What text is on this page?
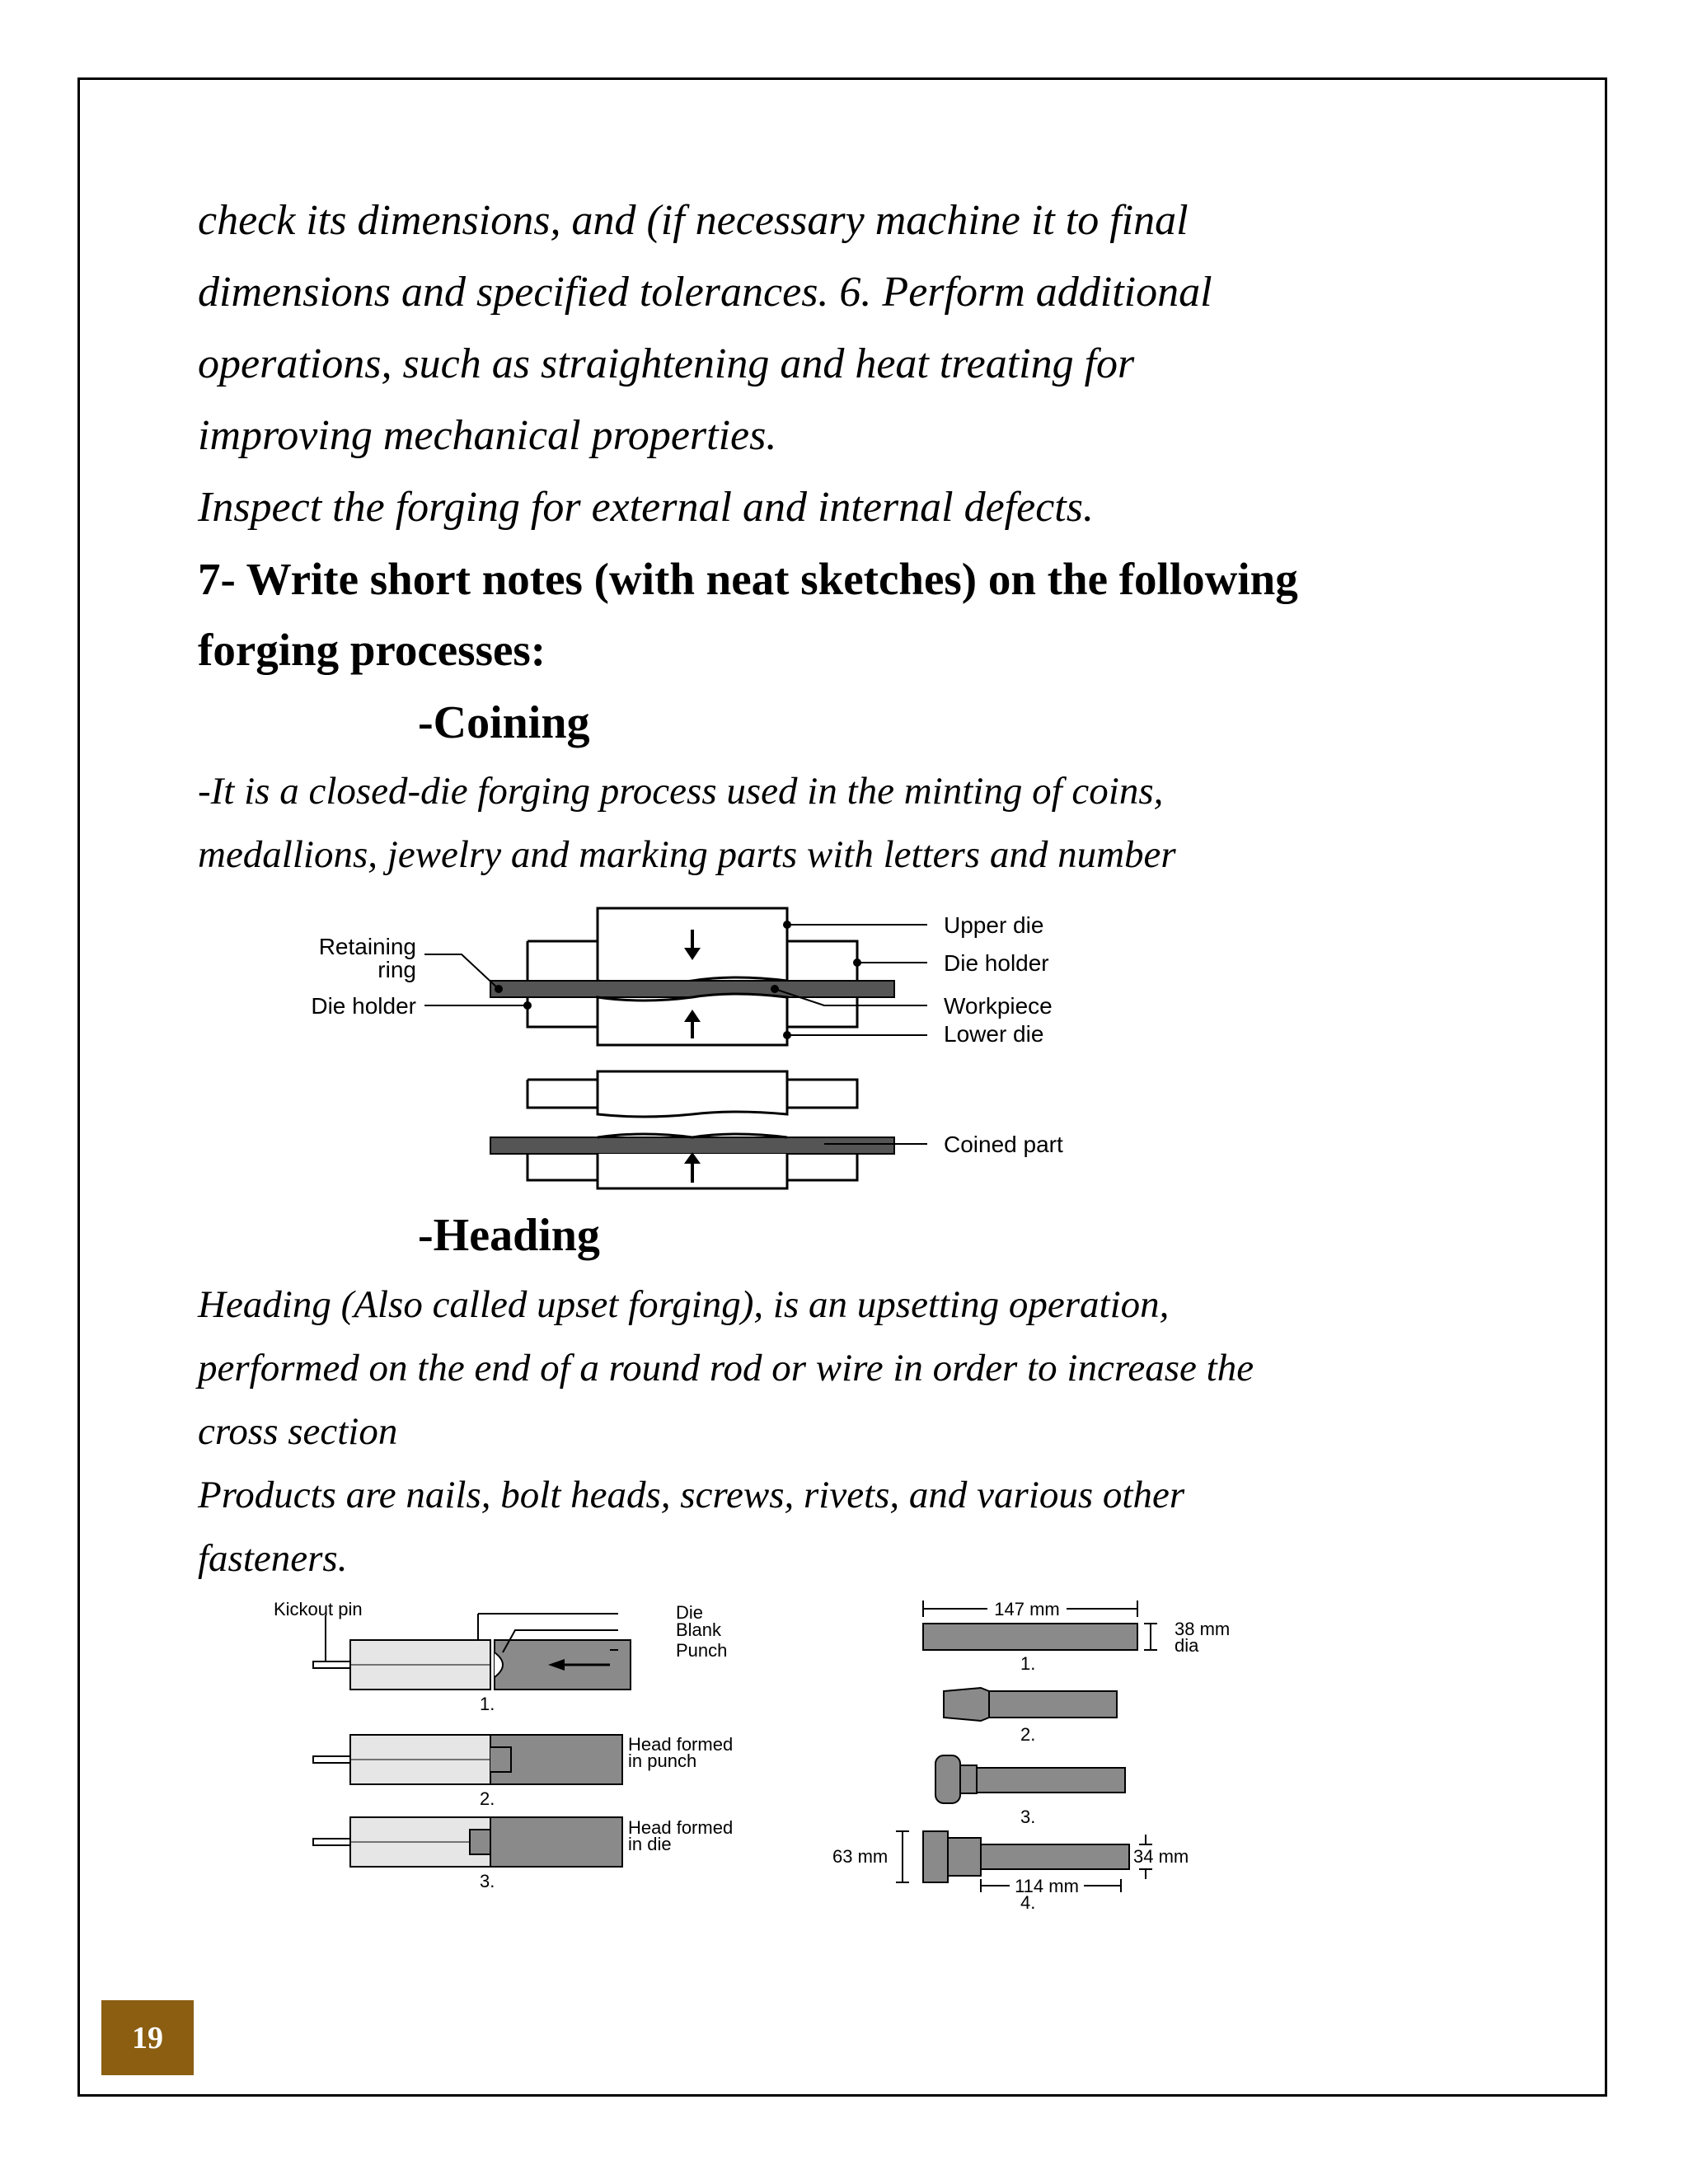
check its dimensions, and (if necessary machine it to final
dimensions and specified tolerances. 6. Perform additional
operations, such as straightening and heat treating for
improving mechanical properties.
Inspect the forging for external and internal defects.
7- Write short notes (with neat sketches) on the following
forging processes:
-Coining
-It is a closed-die forging process used in the minting of coins,
medallions, jewelry and marking parts with letters and number
Retaining
ring
Die holder
Upper die
Die holder
Workpiece
Lower die
Coined part
-Heading
Heading (Also called upset forging), is an upsetting operation,
performed on the end of a round rod or wire in order to increase the
cross section
Products are nails, bolt heads, screws, rivets, and various other
fasteners.
1.
2.
3.
Kickout pin	Die
Blank
Punch
Head formed
in punch
Head formed
in die
147 mm
38 mm
dia
1.
2.
3.
63 mm	34 mm
114 mm
4.
19
